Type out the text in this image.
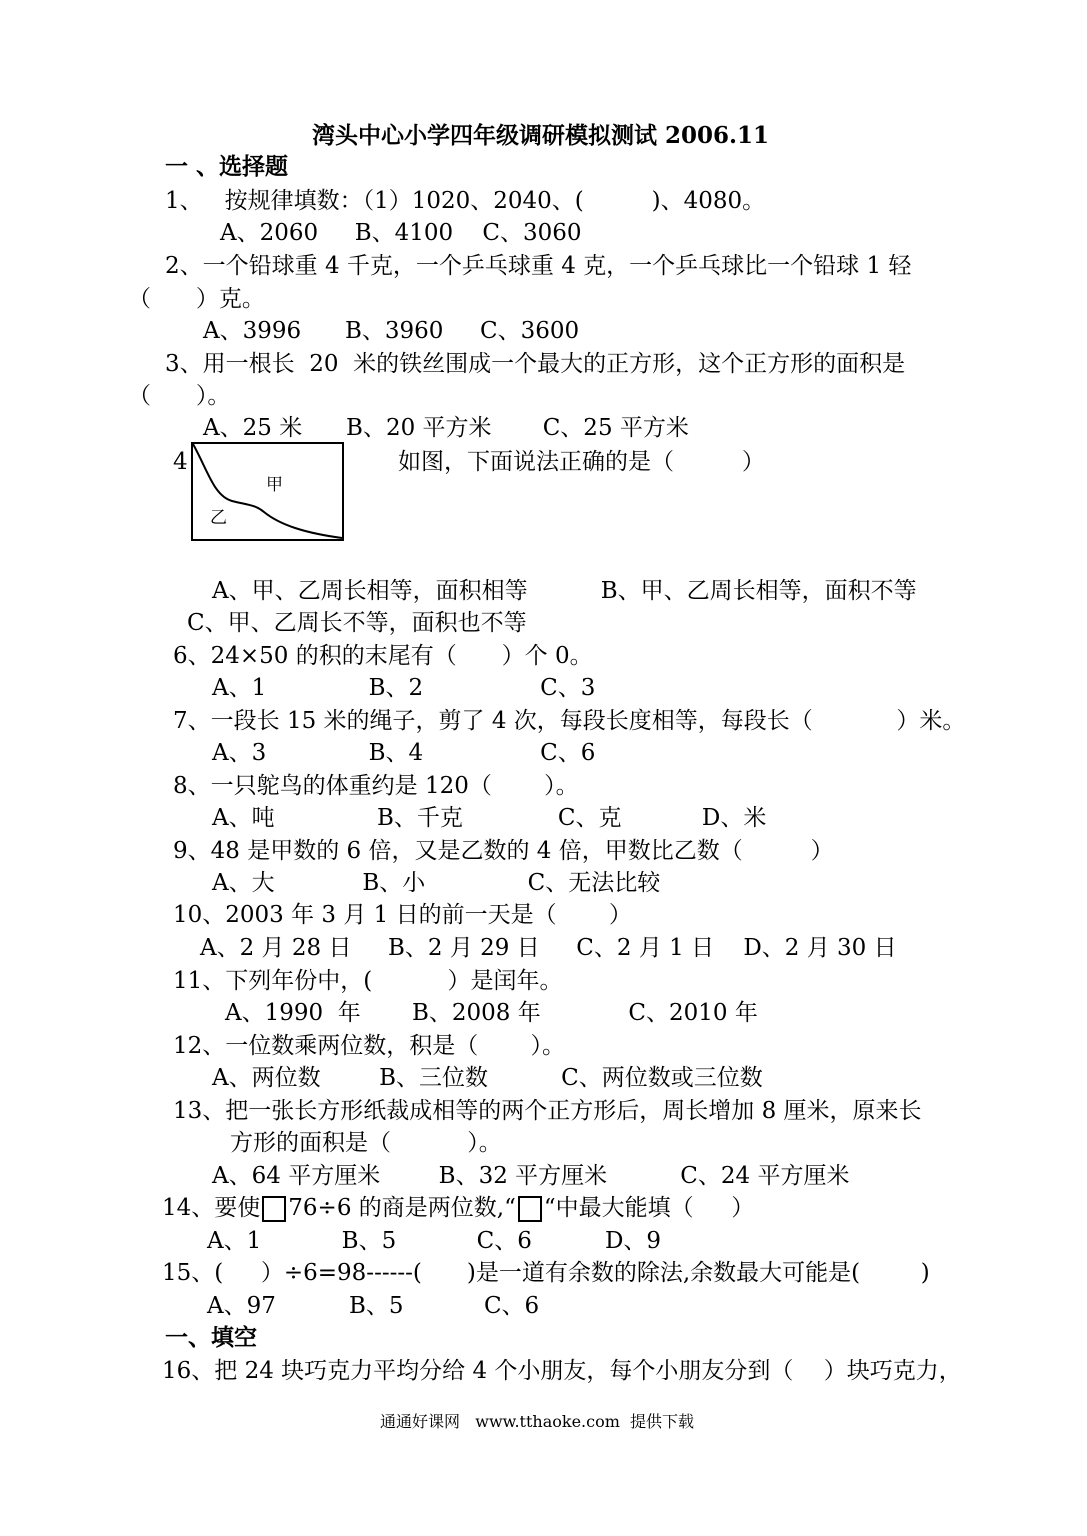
湾头中心小学四年级调研模拟测试 2006.11
一 、选择题
1、   按规律填数：（1）1020、2040、(　　   )、4080。
A、2060     B、4100    C、3060
2、一个铅球重 4 千克，一个乒乓球重 4 克，一个乒乓球比一个铅球 1 轻
（　   ）克。
A、3996      B、3960     C、3600
3、用一根长  20  米的铁丝围成一个最大的正方形，这个正方形的面积是
（　   ）。
A、25 米      B、20 平方米       C、25 平方米
4
甲
乙
如图，下面说法正确的是（　　   ）
A、甲、乙周长相等，面积相等          B、甲、乙周长相等，面积不等
C、甲、乙周长不等，面积也不等
6、24×50 的积的末尾有（　   ）个 0。
A、1              B、2                C、3
7、一段长 15 米的绳子，剪了 4 次，每段长度相等，每段长（　　　  ）米。
A、3              B、4                C、6
8、一只鸵鸟的体重约是 120（　    ）。
A、吨              B、千克             C、克           D、米
9、48 是甲数的 6 倍，又是乙数的 4 倍，甲数比乙数（　　   ）
A、大            B、小              C、无法比较
10、2003 年 3 月 1 日的前一天是（　    ）
A、2 月 28 日     B、2 月 29 日     C、2 月 1 日    D、2 月 30 日
11、下列年份中，(　　    ）是闰年。
A、1990  年       B、2008 年            C、2010 年
12、一位数乘两位数，积是（　    ）。
A、两位数        B、三位数          C、两位数或三位数
13、把一张长方形纸裁成相等的两个正方形后，周长增加 8 厘米，原来长
方形的面积是（　　　 ）。
A、64 平方厘米        B、32 平方厘米          C、24 平方厘米
14、要使 76÷6 的商是两位数,“ “中最大能填（　  ）
A、1           B、5           C、6          D、9
15、(　  ）÷6=98------(　   )是一道有余数的除法,余数最大可能是(　　  )
A、97          B、5           C、6
一、填空
16、把 24 块巧克力平均分给 4 个小朋友，每个小朋友分到（　 ）块巧克力，
通通好课网   www.tthaoke.com  提供下载
